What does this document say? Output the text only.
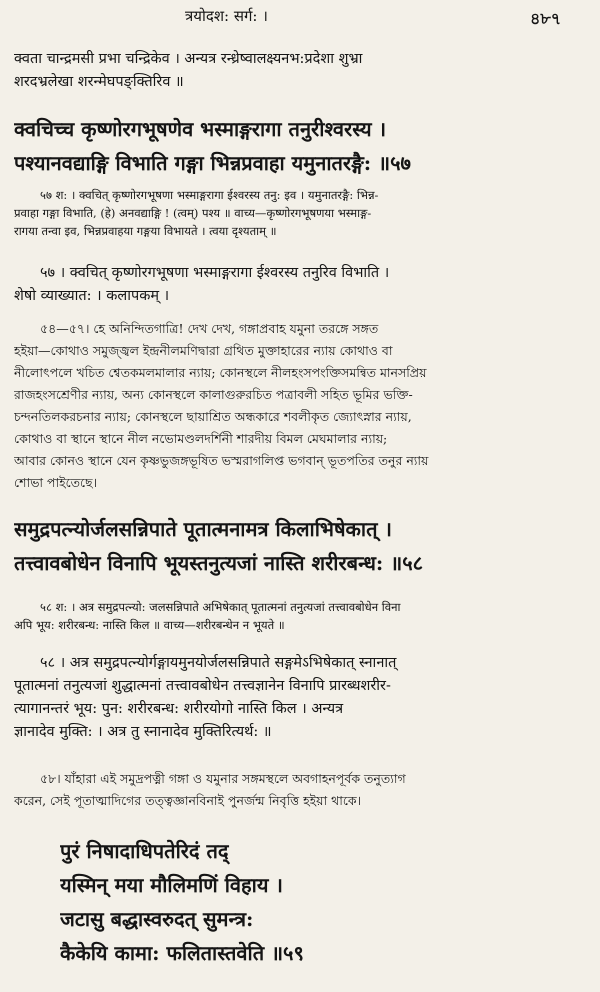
त्रयोदश: सर्ग: ।	৪৮৭
क्वता चान्द्रमसी प्रभा चन्द्रिकेव । अन्यत्र रन्ध्रेष्वालक्ष्यनभ:प्रदेशा शुभ्रा
शरदभ्रलेखा शरन्मेघपङ्क्तिरिव ॥
क्वचिच्च कृष्णोरगभूषणेव भस्माङ्गरागा तनुरीश्वरस्य ।
पश्यानवद्याङ्गि विभाति गङ्गा भिन्नप्रवाहा यमुनातरङ्गै: ॥५७
५७ श: । क्वचित् कृष्णोरगभूषणा भस्माङ्गरागा ईश्वरस्य तनु: इव । यमुनातरङ्गै: भिन्न-
प्रवाहा गङ्गा विभाति, (हे) अनवद्याङ्गि ! (त्वम्) पश्य ॥ वाच्य—कृष्णोरगभूषणया भस्माङ्ग-
रागया तन्वा इव, भिन्नप्रवाहया गङ्गया विभायते । त्वया दृश्यताम् ॥
५७ । क्वचित् कृष्णोरगभूषणा भस्माङ्गरागा ईश्वरस्य तनुरिव विभाति ।
शेषो व्याख्यात: । कलापकम् ।
৫৪—৫৭। হে অনিন্দিতগাত্রি! দেখ দেখ, গঙ্গাপ্রবাহ যমুনা তরঙ্গে সঙ্গত
হইয়া—কোথাও সমুজ্জ্বল ইন্দ্রনীলমণিদ্বারা গ্রথিত মুক্তাহারের ন্যায় কোথাও বা
নীলোৎপলে খচিত শ্বেতকমলমালার ন্যায়; কোনস্থলে নীলহংসপংক্তিসমন্বিত মানসপ্রিয়
রাজহংসশ্রেণীর ন্যায়, অন্য কোনস্থলে কালাগুরুরচিত পত্রাবলী সহিত ভূমির ভক্তি-
চন্দনতিলকরচনার ন্যায়; কোনস্থলে ছায়াশ্রিত অন্ধকারে শবলীকৃত জ্যোৎস্নার ন্যায়,
কোথাও বা স্থানে স্থানে নীল নভোমণ্ডলদর্শিনী শারদীয় বিমল মেঘমালার ন্যায়;
আবার কোনও স্থানে যেন কৃষ্ণভুজঙ্গভূষিত ভস্মরাগলিপ্ত ভগবান্ ভূতপতির তনুর ন্যায়
শোভা পাইতেছে।
समुद्रपत्न्योर्जलसन्निपाते पूतात्मनामत्र किलाभिषेकात् ।
तत्त्वावबोधेन विनापि भूयस्तनुत्यजां नास्ति शरीरबन्ध: ॥५८
५८ श: । अत्र समुद्रपत्न्यो: जलसन्निपाते अभिषेकात् पूतात्मनां तनुत्यजां तत्त्वावबोधेन विना
अपि भूय: शरीरबन्ध: नास्ति किल ॥ वाच्य—शरीरबन्धेन न भूयते ॥
५८ । अत्र समुद्रपत्न्योर्गङ्गायमुनयोर्जलसन्निपाते सङ्गमेऽभिषेकात् स्नानात्
पूतात्मनां तनुत्यजां शुद्धात्मनां तत्त्वावबोधेन तत्त्वज्ञानेन विनापि प्रारब्धशरीर-
त्यागानन्तरं भूय: पुन: शरीरबन्ध: शरीरयोगो नास्ति किल । अन्यत्र
ज्ञानादेव मुक्ति: । अत्र तु स्नानादेव मुक्तिरित्यर्थ: ॥
৫৮। যাঁহারা এই সমুদ্রপত্নী গঙ্গা ও যমুনার সঙ্গমস্থলে অবগাহনপূর্বক তনুত্যাগ
করেন, সেই পূতাত্মাদিগের তত্ত্বজ্ঞানবিনাই পুনর্জন্ম নিবৃত্তি হইয়া থাকে।
पुरं निषादाधिपतेरिदं तद्
यस्मिन् मया मौलिमणिं विहाय ।
जटासु बद्धास्वरुदत् सुमन्त्र:
कैकेयि कामा: फलितास्तवेति ॥५९
